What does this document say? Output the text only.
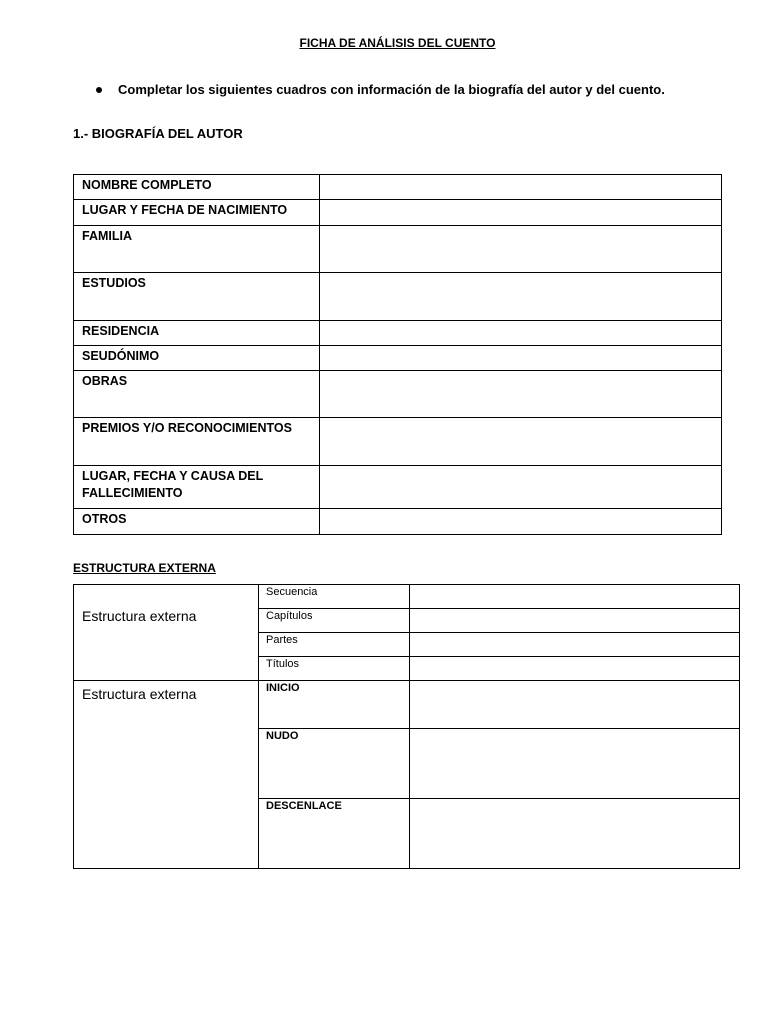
FICHA DE ANÁLISIS DEL CUENTO
Completar los siguientes cuadros con información de la biografía del autor y del cuento.
1.- BIOGRAFÍA DEL AUTOR
NOMBRE COMPLETO	
LUGAR Y FECHA DE NACIMIENTO	
FAMILIA	
ESTUDIOS	
RESIDENCIA	
SEUDÓNIMO	
OBRAS	
PREMIOS Y/O RECONOCIMIENTOS	
LUGAR, FECHA Y CAUSA DEL FALLECIMIENTO	
OTROS	
ESTRUCTURA EXTERNA
Estructura externa	Secuencia	
	Capítulos	
	Partes	
	Títulos	
Estructura externa	INICIO	
	NUDO	
	DESCENLACE	
